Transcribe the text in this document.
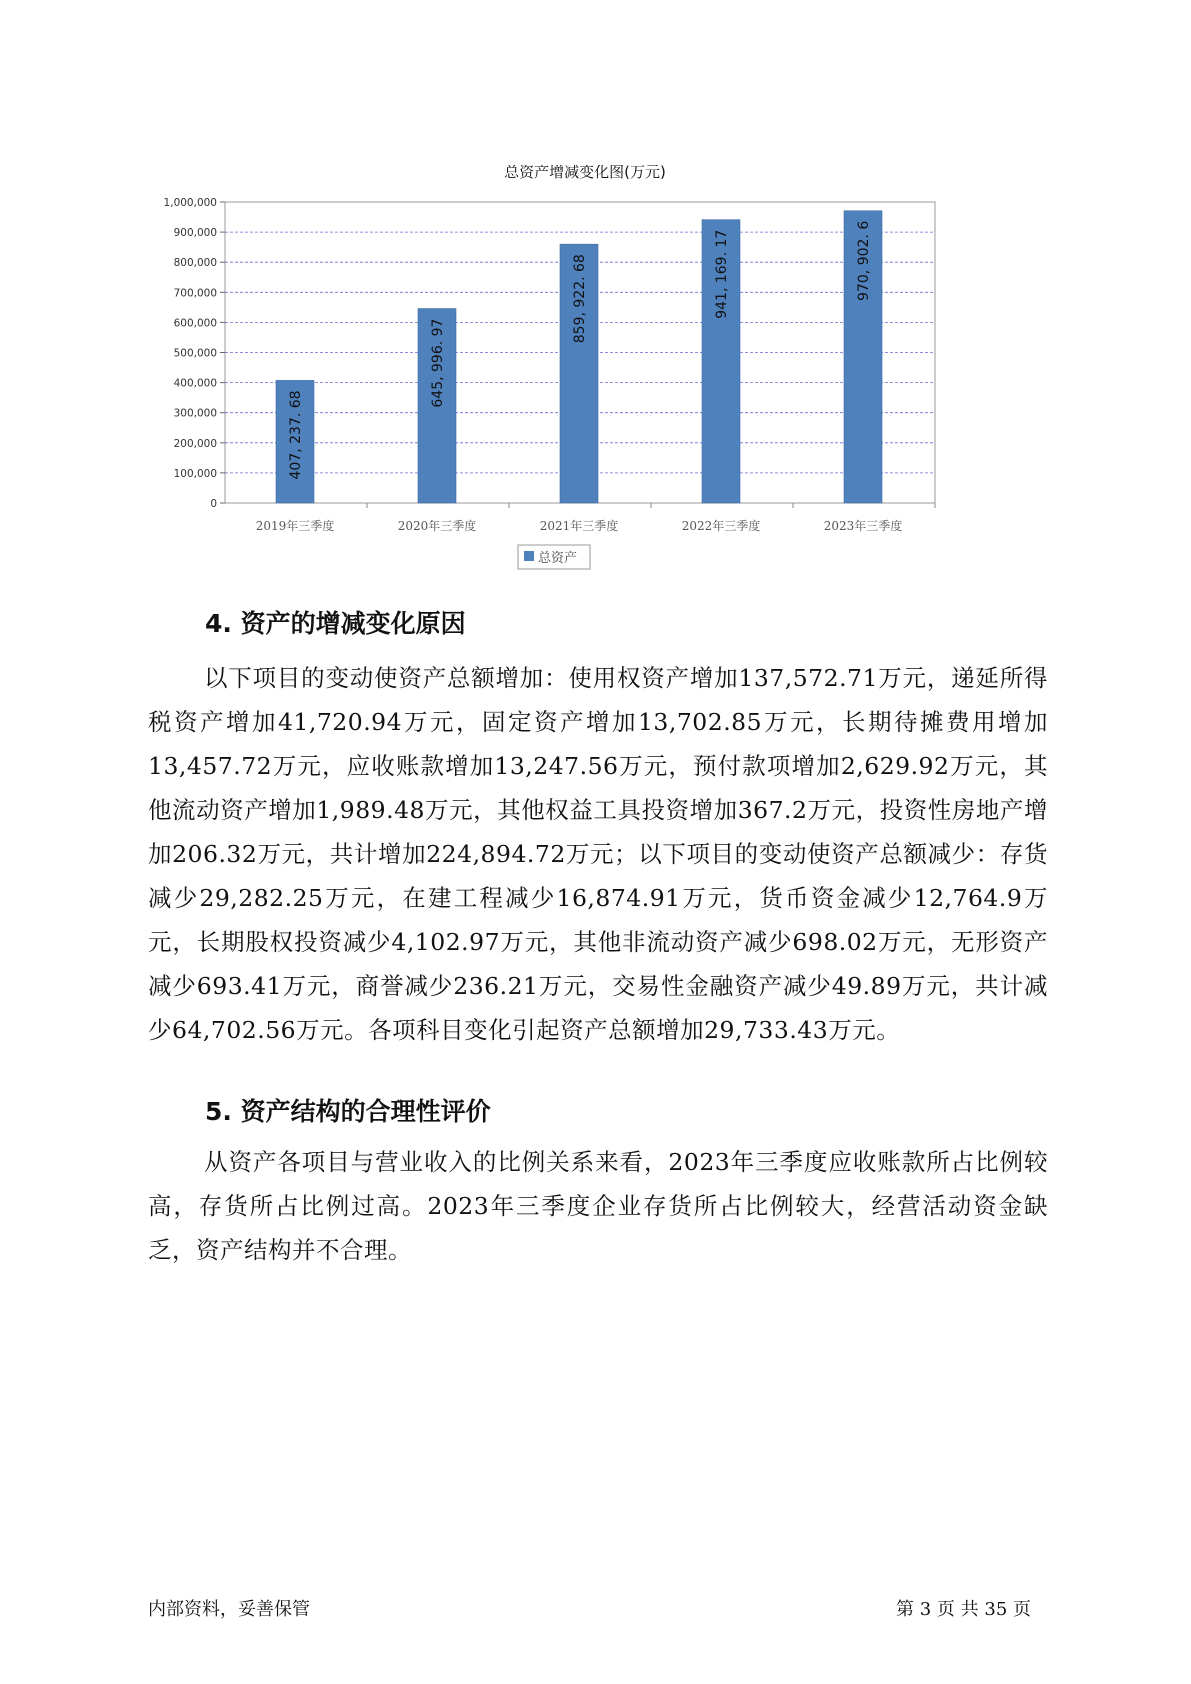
总资产增减变化图(万元)
0
100,000
200,000
300,000
400,000
500,000
600,000
700,000
800,000
900,000
1,000,000
407, 237. 68
645, 996. 97
859, 922. 68	941, 169. 17	970, 902. 6
2019年三季度	2020年三季度	2021年三季度	2022年三季度	2023年三季度
总资产
4. 资产的增减变化原因

以下项目的变动使资产总额增加：使用权资产增加137,572.71万元，递延所得税资产增加41,720.94万元，固定资产增加13,702.85万元，长期待摊费用增加13,457.72万元，应收账款增加13,247.56万元，预付款项增加2,629.92万元，其他流动资产增加1,989.48万元，其他权益工具投资增加367.2万元，投资性房地产增加206.32万元，共计增加224,894.72万元；以下项目的变动使资产总额减少：存货减少29,282.25万元，在建工程减少16,874.91万元，货币资金减少12,764.9万元，长期股权投资减少4,102.97万元，其他非流动资产减少698.02万元，无形资产减少693.41万元，商誉减少236.21万元，交易性金融资产减少49.89万元，共计减少64,702.56万元。各项科目变化引起资产总额增加29,733.43万元。

5. 资产结构的合理性评价

从资产各项目与营业收入的比例关系来看，2023年三季度应收账款所占比例较高，存货所占比例过高。2023年三季度企业存货所占比例较大，经营活动资金缺乏，资产结构并不合理。

内部资料，妥善保管	第 3 页 共 35 页
